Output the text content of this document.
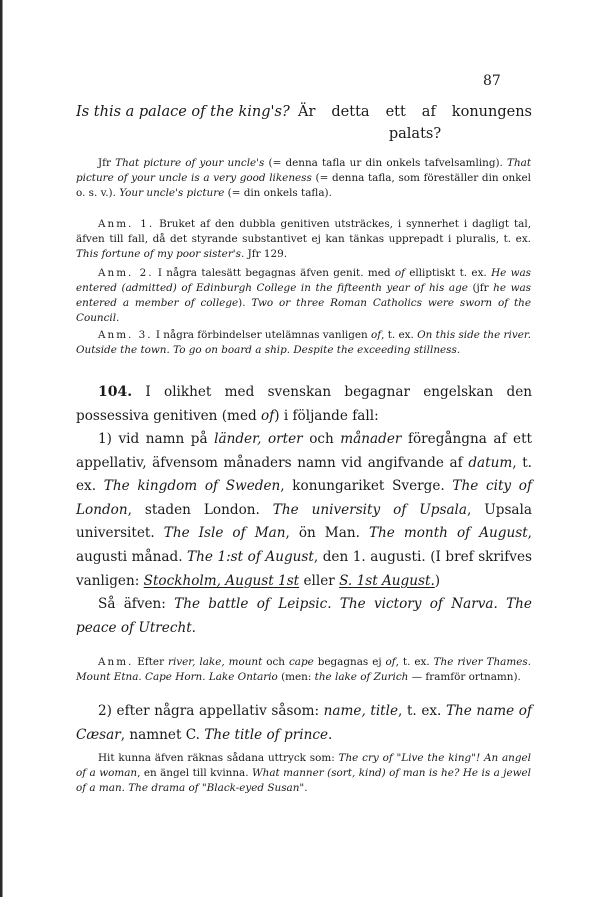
87
Is this a palace of the king's? Är detta ett af konungens palats?
Jfr That picture of your uncle's (= denna tafla ur din onkels tafvelsamling). That picture of your uncle is a very good likeness (= denna tafla, som föreställer din onkel o. s. v.). Your uncle's picture (= din onkels tafla).
Anm. 1. Bruket af den dubbla genitiven utsträckes, i synnerhet i dagligt tal, äfven till fall, då det styrande substantivet ej kan tänkas upprepadt i pluralis, t. ex. This fortune of my poor sister's. Jfr 129.
Anm. 2. I några talesätt begagnas äfven genit. med of elliptiskt t. ex. He was entered (admitted) of Edinburgh College in the fifteenth year of his age (jfr he was entered a member of college). Two or three Roman Catholics were sworn of the Council.
Anm. 3. I några förbindelser utelämnas vanligen of, t. ex. On this side the river. Outside the town. To go on board a ship. Despite the exceeding stillness.
104. I olikhet med svenskan begagnar engelskan den possessiva genitiven (med of) i följande fall:
1) vid namn på länder, orter och månader föregångna af ett appellativ, äfvensom månaders namn vid angifvande af datum, t. ex. The kingdom of Sweden, konungariket Sverge. The city of London, staden London. The university of Upsala, Upsala universitet. The Isle of Man, ön Man. The month of August, augusti månad. The 1:st of August, den 1. augusti. (I bref skrifves vanligen: Stockholm, August 1st eller S. 1st August.)
Så äfven: The battle of Leipsic. The victory of Narva. The peace of Utrecht.
Anm. Efter river, lake, mount och cape begagnas ej of, t. ex. The river Thames. Mount Etna. Cape Horn. Lake Ontario (men: the lake of Zurich — framför ortnamn).
2) efter några appellativ såsom: name, title, t. ex. The name of Cæsar, namnet C. The title of prince.
Hit kunna äfven räknas sådana uttryck som: The cry of "Live the king"! An angel of a woman, en ängel till kvinna. What manner (sort, kind) of man is he? He is a jewel of a man. The drama of "Black-eyed Susan".
